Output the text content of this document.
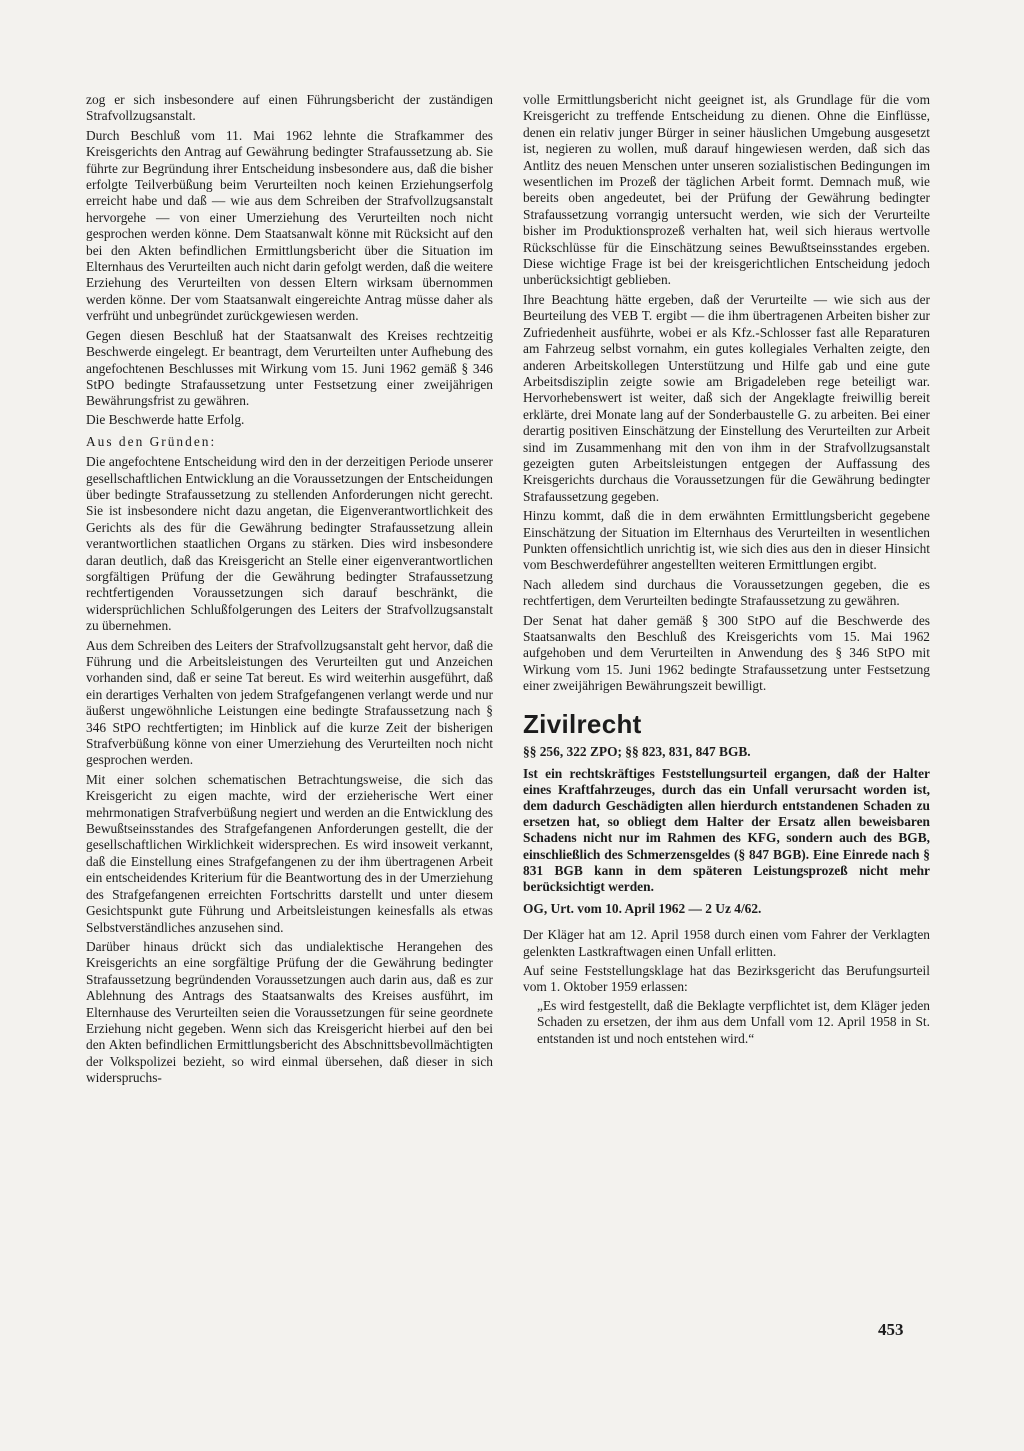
zog er sich insbesondere auf einen Führungsbericht der zuständigen Strafvollzugsanstalt.

Durch Beschluß vom 11. Mai 1962 lehnte die Strafkammer des Kreisgerichts den Antrag auf Gewährung bedingter Strafaussetzung ab. Sie führte zur Begründung ihrer Entscheidung insbesondere aus, daß die bisher erfolgte Teilverbüßung beim Verurteilten noch keinen Erziehungserfolg erreicht habe und daß — wie aus dem Schreiben der Strafvollzugsanstalt hervorgehe — von einer Umerziehung des Verurteilten noch nicht gesprochen werden könne. Dem Staatsanwalt könne mit Rücksicht auf den bei den Akten befindlichen Ermittlungsbericht über die Situation im Elternhaus des Verurteilten auch nicht darin gefolgt werden, daß die weitere Erziehung des Verurteilten von dessen Eltern wirksam übernommen werden könne. Der vom Staatsanwalt eingereichte Antrag müsse daher als verfrüht und unbegründet zurückgewiesen werden.

Gegen diesen Beschluß hat der Staatsanwalt des Kreises rechtzeitig Beschwerde eingelegt. Er beantragt, dem Verurteilten unter Aufhebung des angefochtenen Beschlusses mit Wirkung vom 15. Juni 1962 gemäß § 346 StPO bedingte Strafaussetzung unter Festsetzung einer zweijährigen Bewährungsfrist zu gewähren.

Die Beschwerde hatte Erfolg.

Aus den Gründen:

Die angefochtene Entscheidung wird den in der derzeitigen Periode unserer gesellschaftlichen Entwicklung an die Voraussetzungen der Entscheidungen über bedingte Strafaussetzung zu stellenden Anforderungen nicht gerecht. Sie ist insbesondere nicht dazu angetan, die Eigenverantwortlichkeit des Gerichts als des für die Gewährung bedingter Strafaussetzung allein verantwortlichen staatlichen Organs zu stärken. Dies wird insbesondere daran deutlich, daß das Kreisgericht an Stelle einer eigenverantwortlichen sorgfältigen Prüfung der die Gewährung bedingter Strafaussetzung rechtfertigenden Voraussetzungen sich darauf beschränkt, die widersprüchlichen Schlußfolgerungen des Leiters der Strafvollzugsanstalt zu übernehmen.

Aus dem Schreiben des Leiters der Strafvollzugsanstalt geht hervor, daß die Führung und die Arbeitsleistungen des Verurteilten gut und Anzeichen vorhanden sind, daß er seine Tat bereut. Es wird weiterhin ausgeführt, daß ein derartiges Verhalten von jedem Strafgefangenen verlangt werde und nur äußerst ungewöhnliche Leistungen eine bedingte Strafaussetzung nach § 346 StPO rechtfertigten; im Hinblick auf die kurze Zeit der bisherigen Strafverbüßung könne von einer Umerziehung des Verurteilten noch nicht gesprochen werden.

Mit einer solchen schematischen Betrachtungsweise, die sich das Kreisgericht zu eigen machte, wird der erzieherische Wert einer mehrmonatigen Strafverbüßung negiert und werden an die Entwicklung des Bewußtseinsstandes des Strafgefangenen Anforderungen gestellt, die der gesellschaftlichen Wirklichkeit widersprechen. Es wird insoweit verkannt, daß die Einstellung eines Strafgefangenen zu der ihm übertragenen Arbeit ein entscheidendes Kriterium für die Beantwortung des in der Umerziehung des Strafgefangenen erreichten Fortschritts darstellt und unter diesem Gesichtspunkt gute Führung und Arbeitsleistungen keinesfalls als etwas Selbstverständliches anzusehen sind.

Darüber hinaus drückt sich das undialektische Herangehen des Kreisgerichts an eine sorgfältige Prüfung der die Gewährung bedingter Strafaussetzung begründenden Voraussetzungen auch darin aus, daß es zur Ablehnung des Antrags des Staatsanwalts des Kreises ausführt, im Elternhause des Verurteilten seien die Voraussetzungen für seine geordnete Erziehung nicht gegeben. Wenn sich das Kreisgericht hierbei auf den bei den Akten befindlichen Ermittlungsbericht des Abschnittsbevollmächtigten der Volkspolizei bezieht, so wird einmal übersehen, daß dieser in sich widerspruchs-

volle Ermittlungsbericht nicht geeignet ist, als Grundlage für die vom Kreisgericht zu treffende Entscheidung zu dienen. Ohne die Einflüsse, denen ein relativ junger Bürger in seiner häuslichen Umgebung ausgesetzt ist, negieren zu wollen, muß darauf hingewiesen werden, daß sich das Antlitz des neuen Menschen unter unseren sozialistischen Bedingungen im wesentlichen im Prozeß der täglichen Arbeit formt. Demnach muß, wie bereits oben angedeutet, bei der Prüfung der Gewährung bedingter Strafaussetzung vorrangig untersucht werden, wie sich der Verurteilte bisher im Produktionsprozeß verhalten hat, weil sich hieraus wertvolle Rückschlüsse für die Einschätzung seines Bewußtseinsstandes ergeben. Diese wichtige Frage ist bei der kreisgerichtlichen Entscheidung jedoch unberücksichtigt geblieben.

Ihre Beachtung hätte ergeben, daß der Verurteilte — wie sich aus der Beurteilung des VEB T. ergibt — die ihm übertragenen Arbeiten bisher zur Zufriedenheit ausführte, wobei er als Kfz.-Schlosser fast alle Reparaturen am Fahrzeug selbst vornahm, ein gutes kollegiales Verhalten zeigte, den anderen Arbeitskollegen Unterstützung und Hilfe gab und eine gute Arbeitsdisziplin zeigte sowie am Brigadeleben rege beteiligt war. Hervorhebenswert ist weiter, daß sich der Angeklagte freiwillig bereit erklärte, drei Monate lang auf der Sonderbaustelle G. zu arbeiten. Bei einer derartig positiven Einschätzung der Einstellung des Verurteilten zur Arbeit sind im Zusammenhang mit den von ihm in der Strafvollzugsanstalt gezeigten guten Arbeitsleistungen entgegen der Auffassung des Kreisgerichts durchaus die Voraussetzungen für die Gewährung bedingter Strafaussetzung gegeben.

Hinzu kommt, daß die in dem erwähnten Ermittlungsbericht gegebene Einschätzung der Situation im Elternhaus des Verurteilten in wesentlichen Punkten offensichtlich unrichtig ist, wie sich dies aus den in dieser Hinsicht vom Beschwerdeführer angestellten weiteren Ermittlungen ergibt.

Nach alledem sind durchaus die Voraussetzungen gegeben, die es rechtfertigen, dem Verurteilten bedingte Strafaussetzung zu gewähren.

Der Senat hat daher gemäß § 300 StPO auf die Beschwerde des Staatsanwalts den Beschluß des Kreisgerichts vom 15. Mai 1962 aufgehoben und dem Verurteilten in Anwendung des § 346 StPO mit Wirkung vom 15. Juni 1962 bedingte Strafaussetzung unter Festsetzung einer zweijährigen Bewährungszeit bewilligt.

Zivilrecht
§§ 256, 322 ZPO; §§ 823, 831, 847 BGB.
Ist ein rechtskräftiges Feststellungsurteil ergangen, daß der Halter eines Kraftfahrzeuges, durch das ein Unfall verursacht worden ist, dem dadurch Geschädigten allen hierdurch entstandenen Schaden zu ersetzen hat, so obliegt dem Halter der Ersatz allen beweisbaren Schadens nicht nur im Rahmen des KFG, sondern auch des BGB, einschließlich des Schmerzensgeldes (§ 847 BGB). Eine Einrede nach § 831 BGB kann in dem späteren Leistungsprozeß nicht mehr berücksichtigt werden.
OG, Urt. vom 10. April 1962 — 2 Uz 4/62.

Der Kläger hat am 12. April 1958 durch einen vom Fahrer der Verklagten gelenkten Lastkraftwagen einen Unfall erlitten.

Auf seine Feststellungsklage hat das Bezirksgericht das Berufungsurteil vom 1. Oktober 1959 erlassen:

„Es wird festgestellt, daß die Beklagte verpflichtet ist, dem Kläger jeden Schaden zu ersetzen, der ihm aus dem Unfall vom 12. April 1958 in St. entstanden ist und noch entstehen wird.“

453
